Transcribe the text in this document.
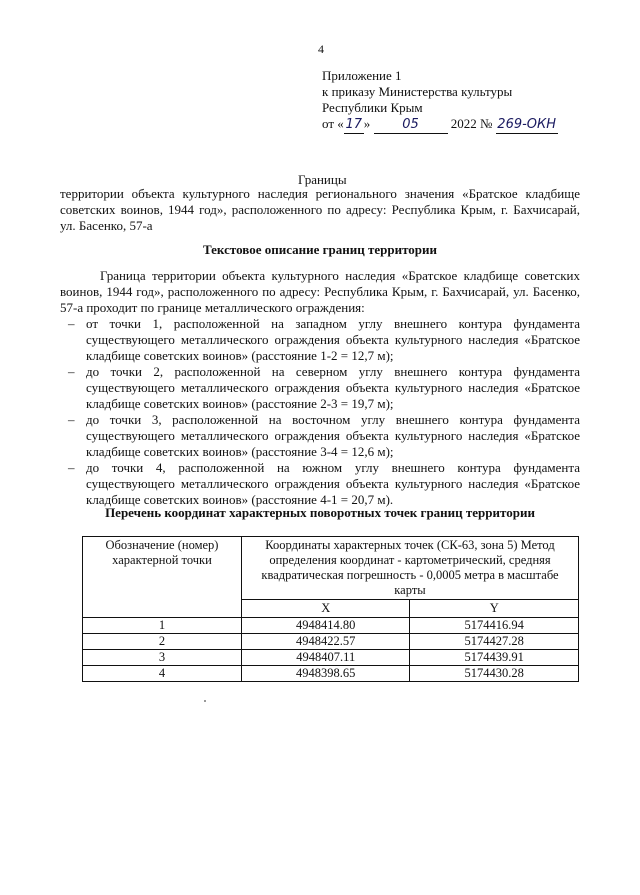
4
Приложение 1
к приказу Министерства культуры
Республики Крым
от « 17 » 05 2022 № 269-ОКН
Границы
территории объекта культурного наследия регионального значения «Братское кладбище советских воинов, 1944 год», расположенного по адресу: Республика Крым, г. Бахчисарай, ул. Басенко, 57-а
Текстовое описание границ территории

Граница территории объекта культурного наследия «Братское кладбище советских воинов, 1944 год», расположенного по адресу: Республика Крым, г. Бахчисарай, ул. Басенко, 57-а проходит по границе металлического ограждения:

– от точки 1, расположенной на западном углу внешнего контура фундамента существующего металлического ограждения объекта культурного наследия «Братское кладбище советских воинов» (расстояние 1-2 = 12,7 м);
– до точки 2, расположенной на северном углу внешнего контура фундамента существующего металлического ограждения объекта культурного наследия «Братское кладбище советских воинов» (расстояние 2-3 = 19,7 м);
– до точки 3, расположенной на восточном углу внешнего контура фундамента существующего металлического ограждения объекта культурного наследия «Братское кладбище советских воинов» (расстояние 3-4 = 12,6 м);
– до точки 4, расположенной на южном углу внешнего контура фундамента существующего металлического ограждения объекта культурного наследия «Братское кладбище советских воинов» (расстояние 4-1 = 20,7 м).
Перечень координат характерных поворотных точек границ территории
Обозначение (номер) характерной точки	Координаты характерных точек (СК-63, зона 5) Метод определения координат - картометрический, средняя квадратическая погрешность - 0,0005 метра в масштабе карты	
	X	Y
1	4948414.80	5174416.94
2	4948422.57	5174427.28
3	4948407.11	5174439.91
4	4948398.65	5174430.28
